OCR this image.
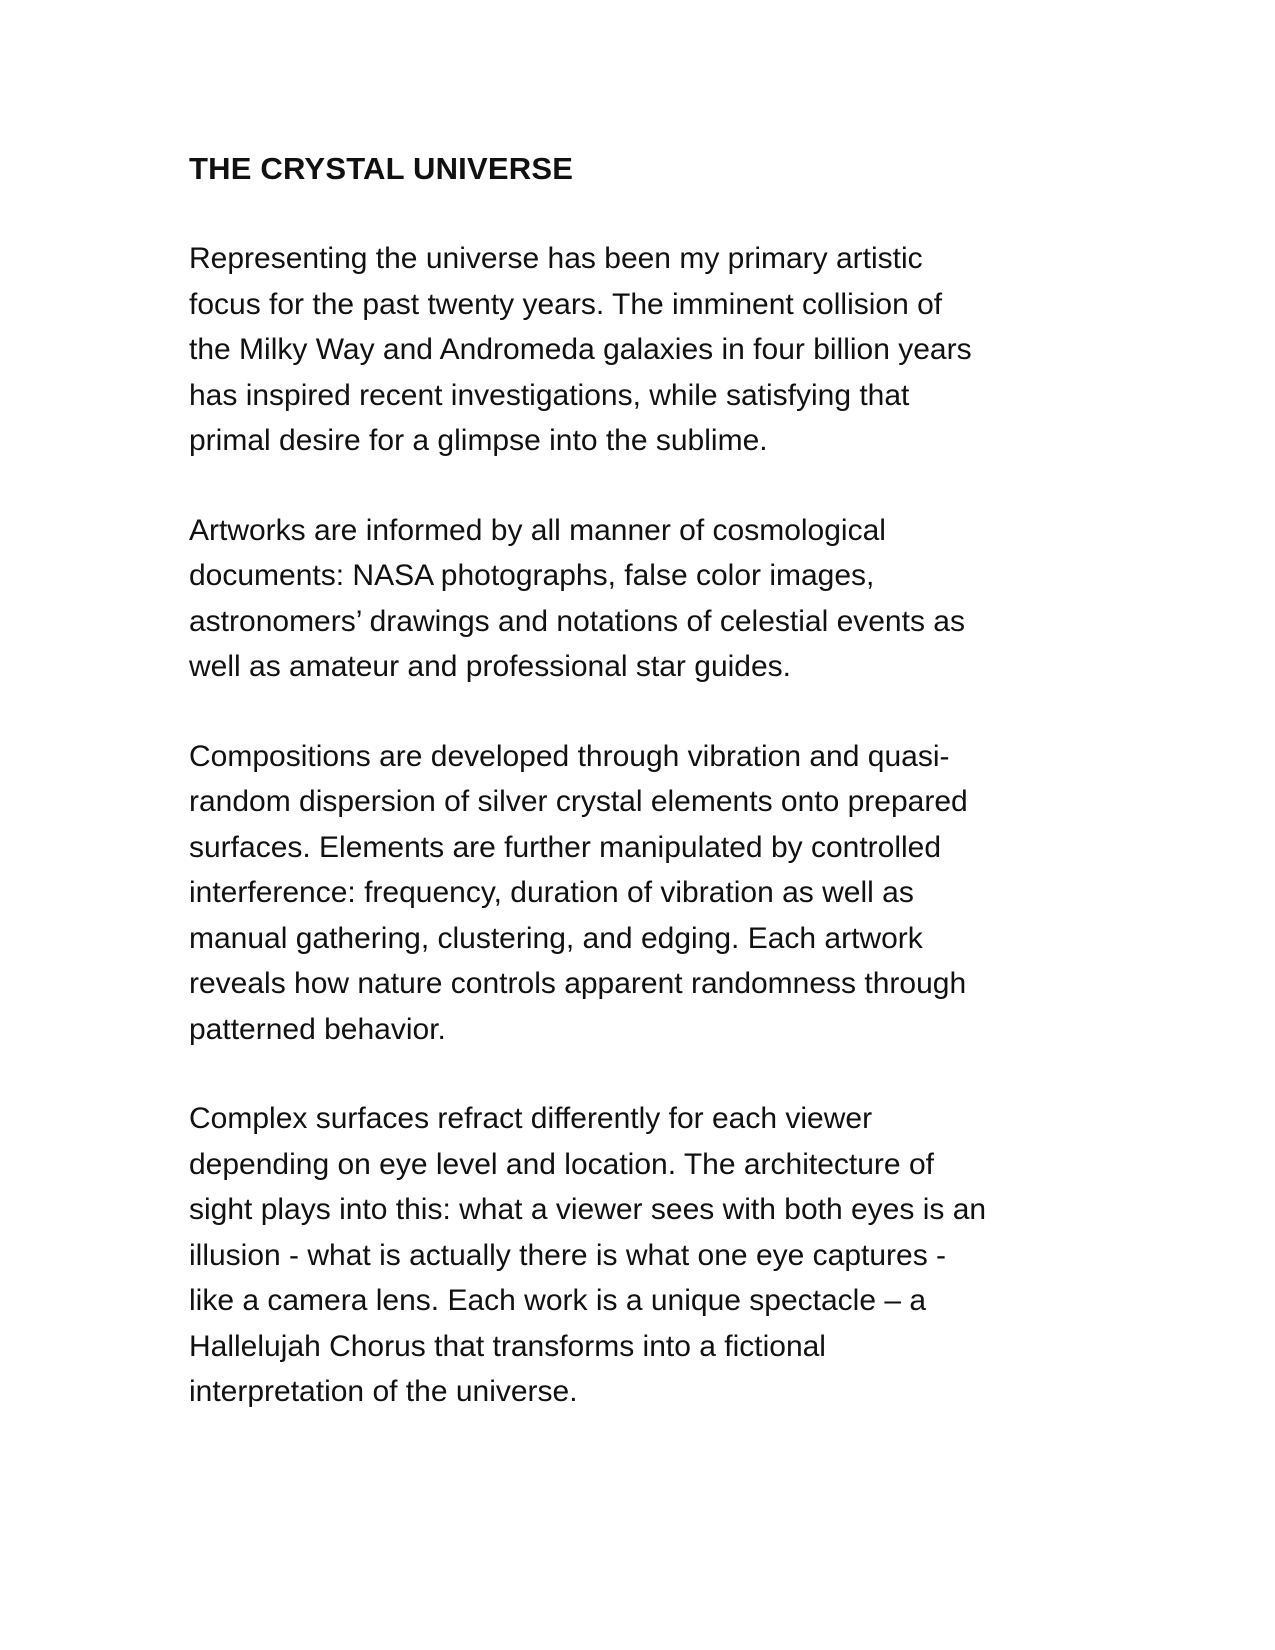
THE CRYSTAL UNIVERSE

Representing the universe has been my primary artistic
focus for the past twenty years. The imminent collision of
the Milky Way and Andromeda galaxies in four billion years
has inspired recent investigations, while satisfying that
primal desire for a glimpse into the sublime.

Artworks are informed by all manner of cosmological
documents: NASA photographs, false color images,
astronomers’ drawings and notations of celestial events as
well as amateur and professional star guides.

Compositions are developed through vibration and quasi-
random dispersion of silver crystal elements onto prepared
surfaces. Elements are further manipulated by controlled
interference: frequency, duration of vibration as well as
manual gathering, clustering, and edging. Each artwork
reveals how nature controls apparent randomness through
patterned behavior.

Complex surfaces refract differently for each viewer
depending on eye level and location. The architecture of
sight plays into this: what a viewer sees with both eyes is an
illusion - what is actually there is what one eye captures -
like a camera lens. Each work is a unique spectacle – a
Hallelujah Chorus that transforms into a fictional
interpretation of the universe.
